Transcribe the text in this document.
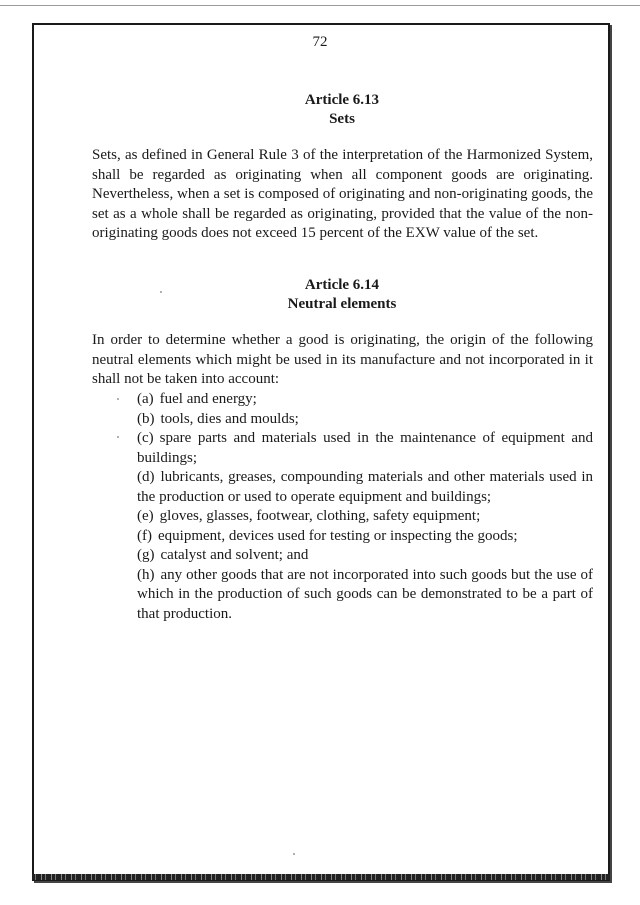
72
Article 6.13
Sets

Sets, as defined in General Rule 3 of the interpretation of the Harmonized System, shall be regarded as originating when all component goods are originating. Nevertheless, when a set is composed of originating and non-originating goods, the set as a whole shall be regarded as originating, provided that the value of the non-originating goods does not exceed 15 percent of the EXW value of the set.

Article 6.14
Neutral elements

In order to determine whether a good is originating, the origin of the following neutral elements which might be used in its manufacture and not incorporated in it shall not be taken into account:

(a) fuel and energy;
(b) tools, dies and moulds;
(c) spare parts and materials used in the maintenance of equipment and buildings;
(d) lubricants, greases, compounding materials and other materials used in the production or used to operate equipment and buildings;
(e) gloves, glasses, footwear, clothing, safety equipment;
(f) equipment, devices used for testing or inspecting the goods;
(g) catalyst and solvent; and
(h) any other goods that are not incorporated into such goods but the use of which in the production of such goods can be demonstrated to be a part of that production.
